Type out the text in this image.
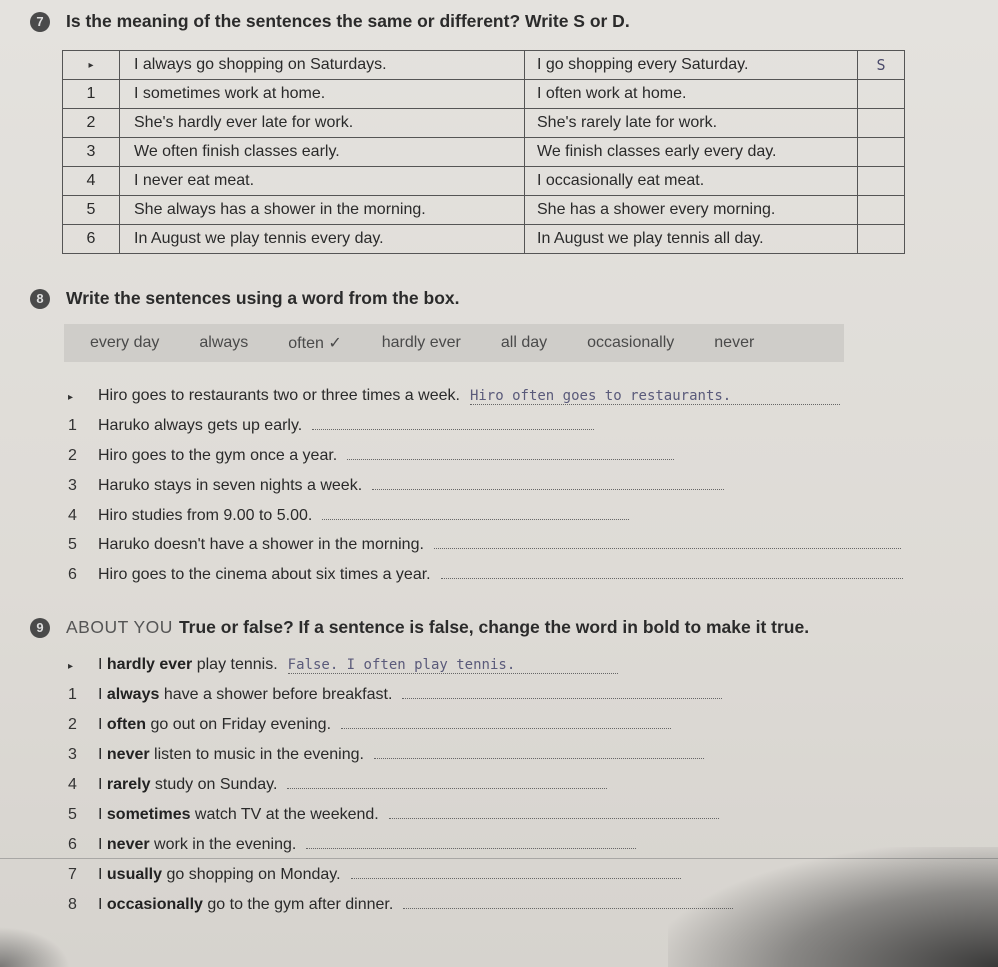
7	Is the meaning of the sentences the same or different? Write S or D.
▸	I always go shopping on Saturdays.	I go shopping every Saturday.	S
1	I sometimes work at home.	I often work at home.	
2	She's hardly ever late for work.	She's rarely late for work.	
3	We often finish classes early.	We finish classes early every day.	
4	I never eat meat.	I occasionally eat meat.	
5	She always has a shower in the morning.	She has a shower every morning.	
6	In August we play tennis every day.	In August we play tennis all day.	
8	Write the sentences using a word from the box.
every day	always	often ✓	hardly ever	all day	occasionally	never
▸	Hiro goes to restaurants two or three times a week. Hiro often goes to restaurants.
1	Haruko always gets up early.
2	Hiro goes to the gym once a year.
3	Haruko stays in seven nights a week.
4	Hiro studies from 9.00 to 5.00.
5	Haruko doesn't have a shower in the morning.
6	Hiro goes to the cinema about six times a year.
9	ABOUT YOU True or false? If a sentence is false, change the word in bold to make it true.
▸	I hardly ever play tennis. False. I often play tennis.
1	I always have a shower before breakfast.
2	I often go out on Friday evening.
3	I never listen to music in the evening.
4	I rarely study on Sunday.
5	I sometimes watch TV at the weekend.
6	I never work in the evening.
7	I usually go shopping on Monday.
8	I occasionally go to the gym after dinner.
